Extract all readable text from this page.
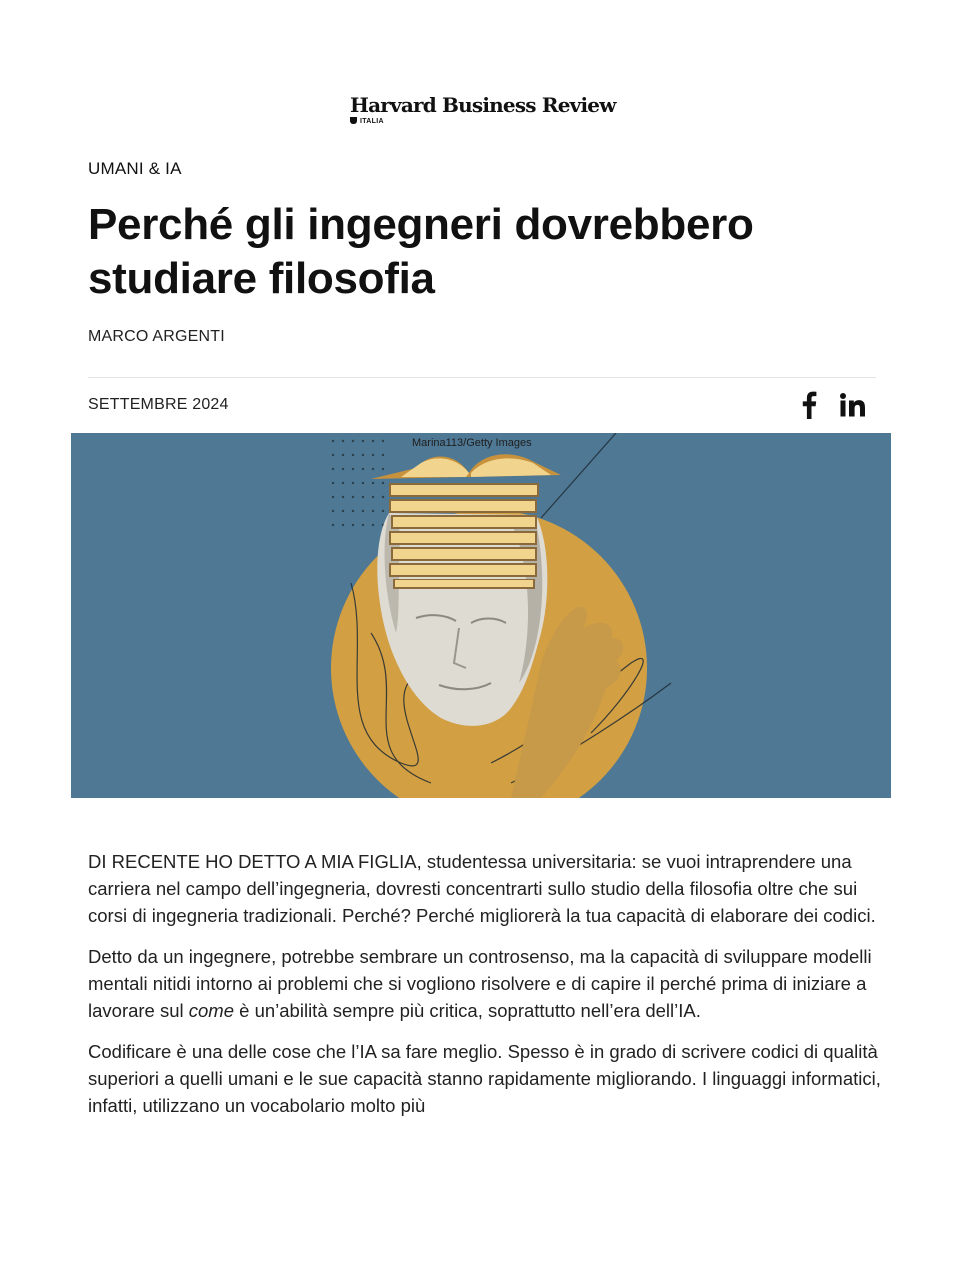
Harvard Business Review
ITALIA
UMANI & IA
Perché gli ingegneri dovrebbero studiare filosofia
MARCO ARGENTI
SETTEMBRE 2024
Marina113/Getty Images

DI RECENTE HO DETTO A MIA FIGLIA, studentessa universitaria: se vuoi intraprendere una carriera nel campo dell’ingegneria, dovresti concentrarti sullo studio della filosofia oltre che sui corsi di ingegneria tradizionali. Perché? Perché migliorerà la tua capacità di elaborare dei codici.

Detto da un ingegnere, potrebbe sembrare un controsenso, ma la capacità di sviluppare modelli mentali nitidi intorno ai problemi che si vogliono risolvere e di capire il perché prima di iniziare a lavorare sul come è un’abilità sempre più critica, soprattutto nell’era dell’IA.

Codificare è una delle cose che l’IA sa fare meglio. Spesso è in grado di scrivere codici di qualità superiori a quelli umani e le sue capacità stanno rapidamente migliorando. I linguaggi informatici, infatti, utilizzano un vocabolario molto più
